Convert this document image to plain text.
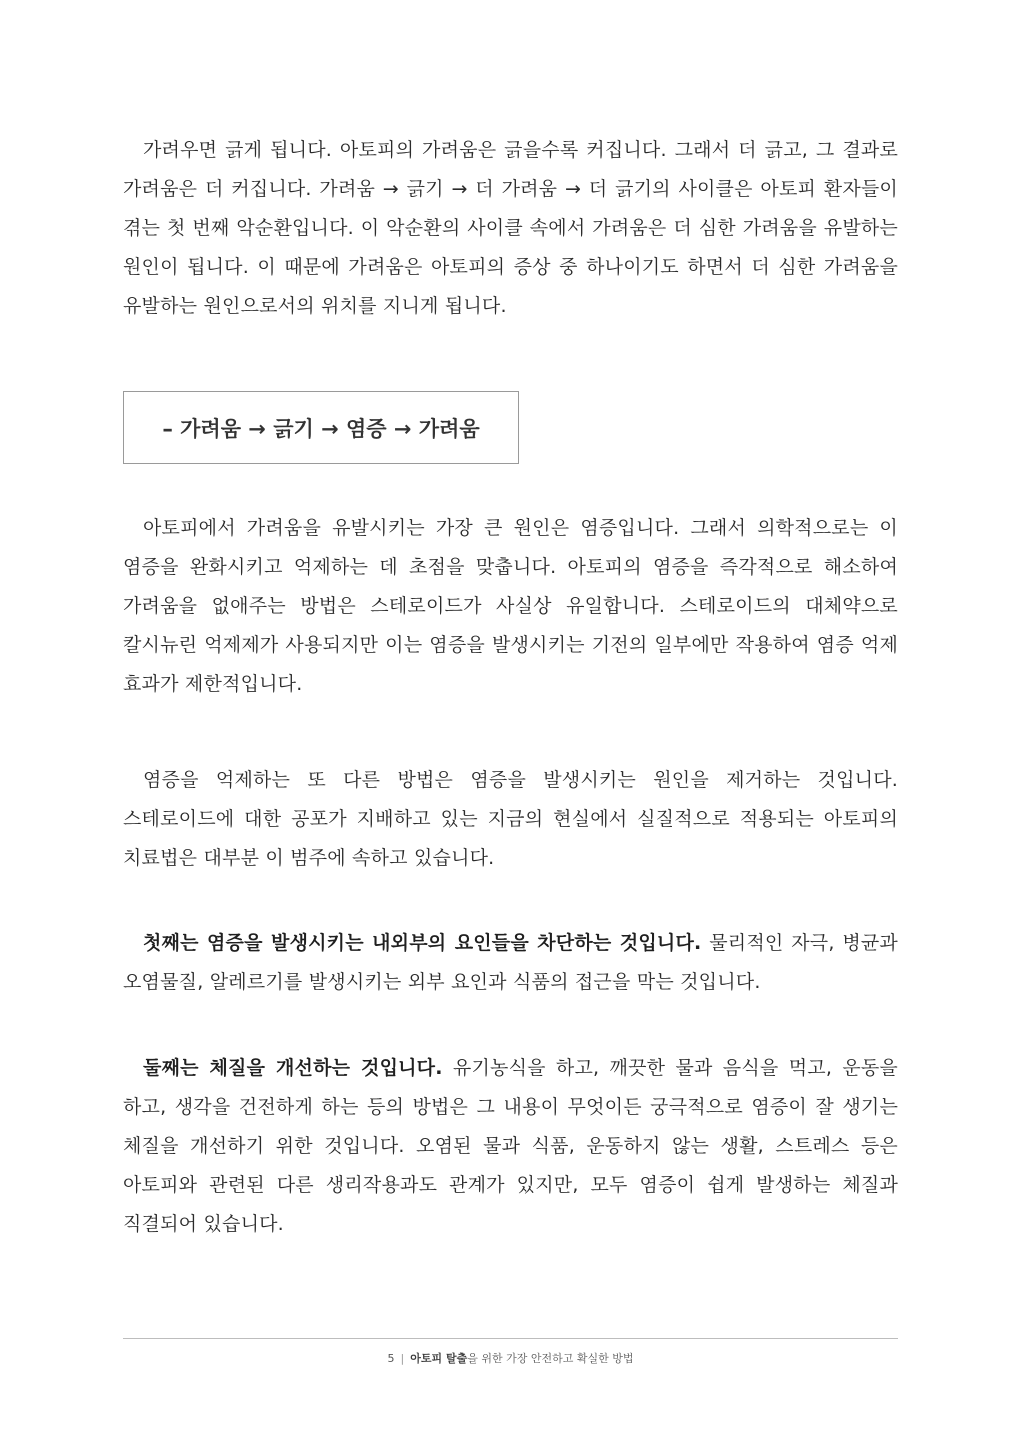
가려우면 긁게 됩니다. 아토피의 가려움은 긁을수록 커집니다. 그래서 더 긁고, 그 결과로 가려움은 더 커집니다. 가려움 → 긁기 → 더 가려움 → 더 긁기의 사이클은 아토피 환자들이 겪는 첫 번째 악순환입니다. 이 악순환의 사이클 속에서 가려움은 더 심한 가려움을 유발하는 원인이 됩니다. 이 때문에 가려움은 아토피의 증상 중 하나이기도 하면서 더 심한 가려움을 유발하는 원인으로서의 위치를 지니게 됩니다.

– 가려움 → 긁기 → 염증 → 가려움

아토피에서 가려움을 유발시키는 가장 큰 원인은 염증입니다. 그래서 의학적으로는 이 염증을 완화시키고 억제하는 데 초점을 맞춥니다. 아토피의 염증을 즉각적으로 해소하여 가려움을 없애주는 방법은 스테로이드가 사실상 유일합니다. 스테로이드의 대체약으로 칼시뉴린 억제제가 사용되지만 이는 염증을 발생시키는 기전의 일부에만 작용하여 염증 억제 효과가 제한적입니다.

염증을 억제하는 또 다른 방법은 염증을 발생시키는 원인을 제거하는 것입니다. 스테로이드에 대한 공포가 지배하고 있는 지금의 현실에서 실질적으로 적용되는 아토피의 치료법은 대부분 이 범주에 속하고 있습니다.

첫째는 염증을 발생시키는 내외부의 요인들을 차단하는 것입니다. 물리적인 자극, 병균과 오염물질, 알레르기를 발생시키는 외부 요인과 식품의 접근을 막는 것입니다.

둘째는 체질을 개선하는 것입니다. 유기농식을 하고, 깨끗한 물과 음식을 먹고, 운동을 하고, 생각을 건전하게 하는 등의 방법은 그 내용이 무엇이든 궁극적으로 염증이 잘 생기는 체질을 개선하기 위한 것입니다. 오염된 물과 식품, 운동하지 않는 생활, 스트레스 등은 아토피와 관련된 다른 생리작용과도 관계가 있지만, 모두 염증이 쉽게 발생하는 체질과 직결되어 있습니다.

5 | 아토피 탈출을 위한 가장 안전하고 확실한 방법
